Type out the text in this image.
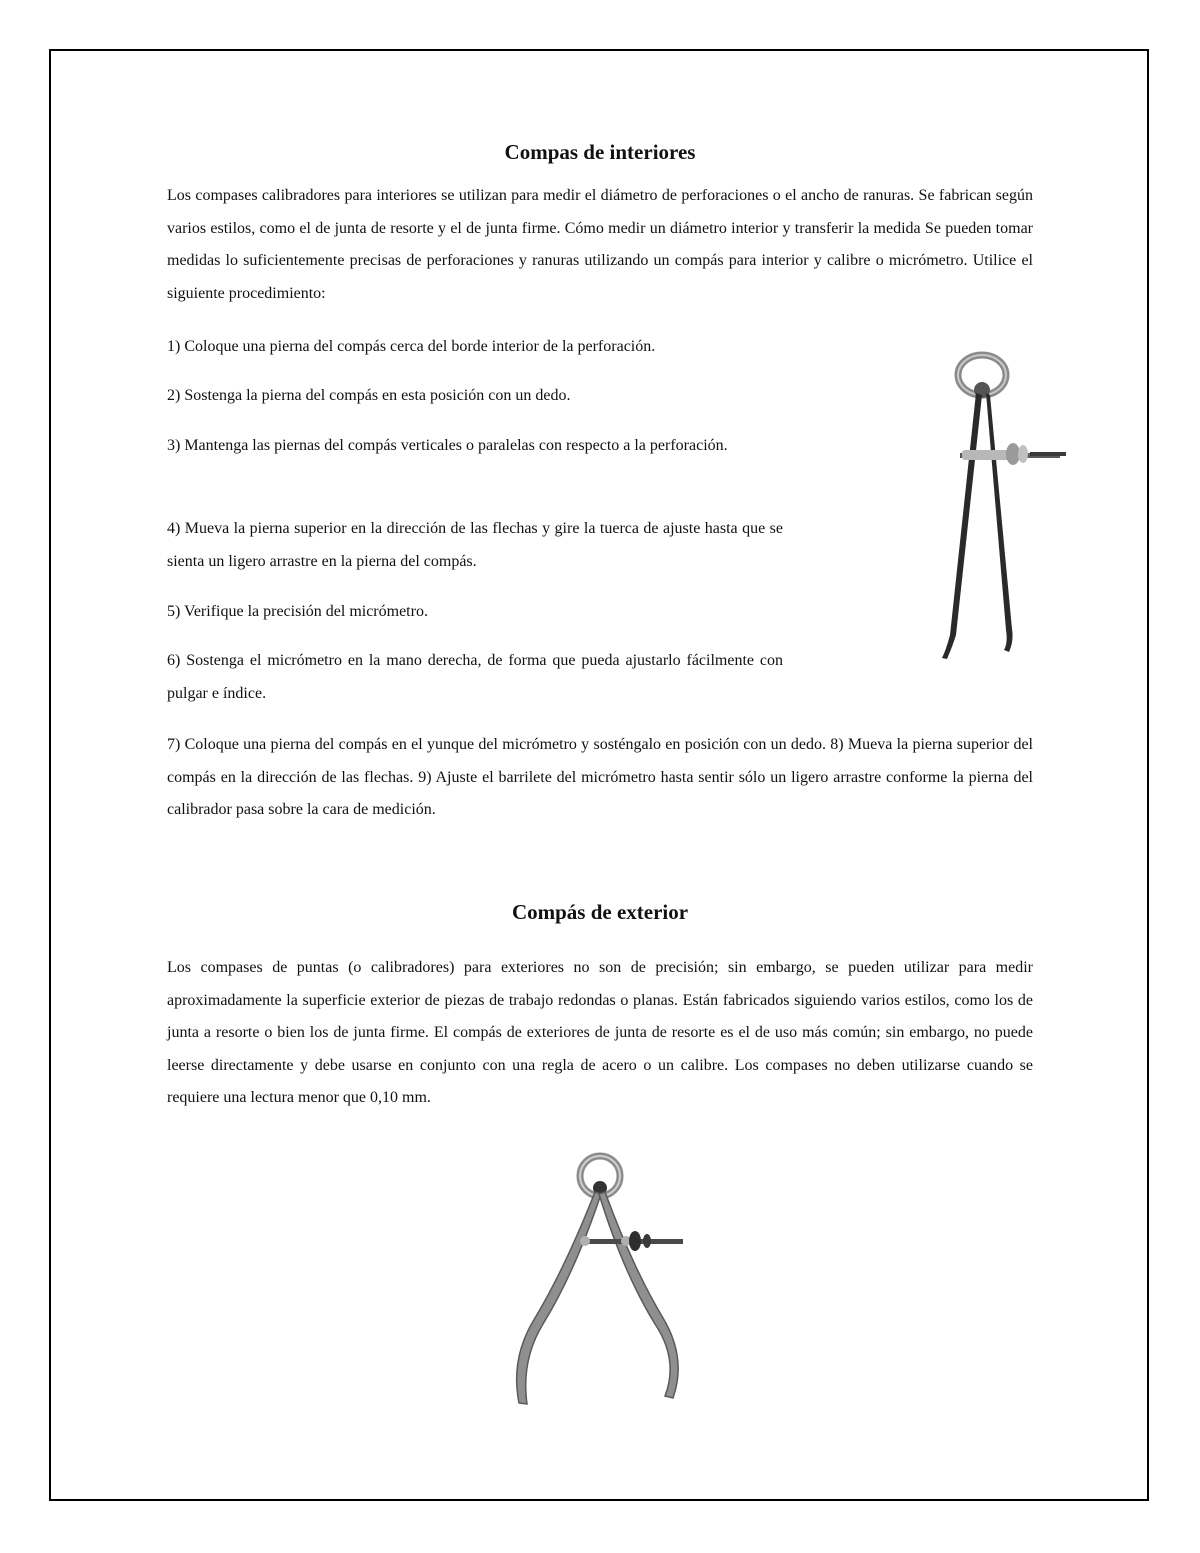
Compas de interiores

Los compases calibradores para interiores se utilizan para medir el diámetro de perforaciones o el ancho de ranuras. Se fabrican según varios estilos, como el de junta de resorte y el de junta firme. Cómo medir un diámetro interior y transferir la medida Se pueden tomar medidas lo suficientemente precisas de perforaciones y ranuras utilizando un compás para interior y calibre o micrómetro. Utilice el siguiente procedimiento:

1) Coloque una pierna del compás cerca del borde interior de la perforación.

2) Sostenga la pierna del compás en esta posición con un dedo.

3) Mantenga las piernas del compás verticales o paralelas con respecto a la perforación.

4) Mueva la pierna superior en la dirección de las flechas y gire la tuerca de ajuste hasta que se sienta un ligero arrastre en la pierna del compás.

5) Verifique la precisión del micrómetro.

6) Sostenga el micrómetro en la mano derecha, de forma que pueda ajustarlo fácilmente con pulgar e índice.

7) Coloque una pierna del compás en el yunque del micrómetro y sosténgalo en posición con un dedo. 8) Mueva la pierna superior del compás en la dirección de las flechas. 9) Ajuste el barrilete del micrómetro hasta sentir sólo un ligero arrastre conforme la pierna del calibrador pasa sobre la cara de medición.

Compás de exterior

Los compases de puntas (o calibradores) para exteriores no son de precisión; sin embargo, se pueden utilizar para medir aproximadamente la superficie exterior de piezas de trabajo redondas o planas. Están fabricados siguiendo varios estilos, como los de junta a resorte o bien los de junta firme. El compás de exteriores de junta de resorte es el de uso más común; sin embargo, no puede leerse directamente y debe usarse en conjunto con una regla de acero o un calibre. Los compases no deben utilizarse cuando se requiere una lectura menor que 0,10 mm.
